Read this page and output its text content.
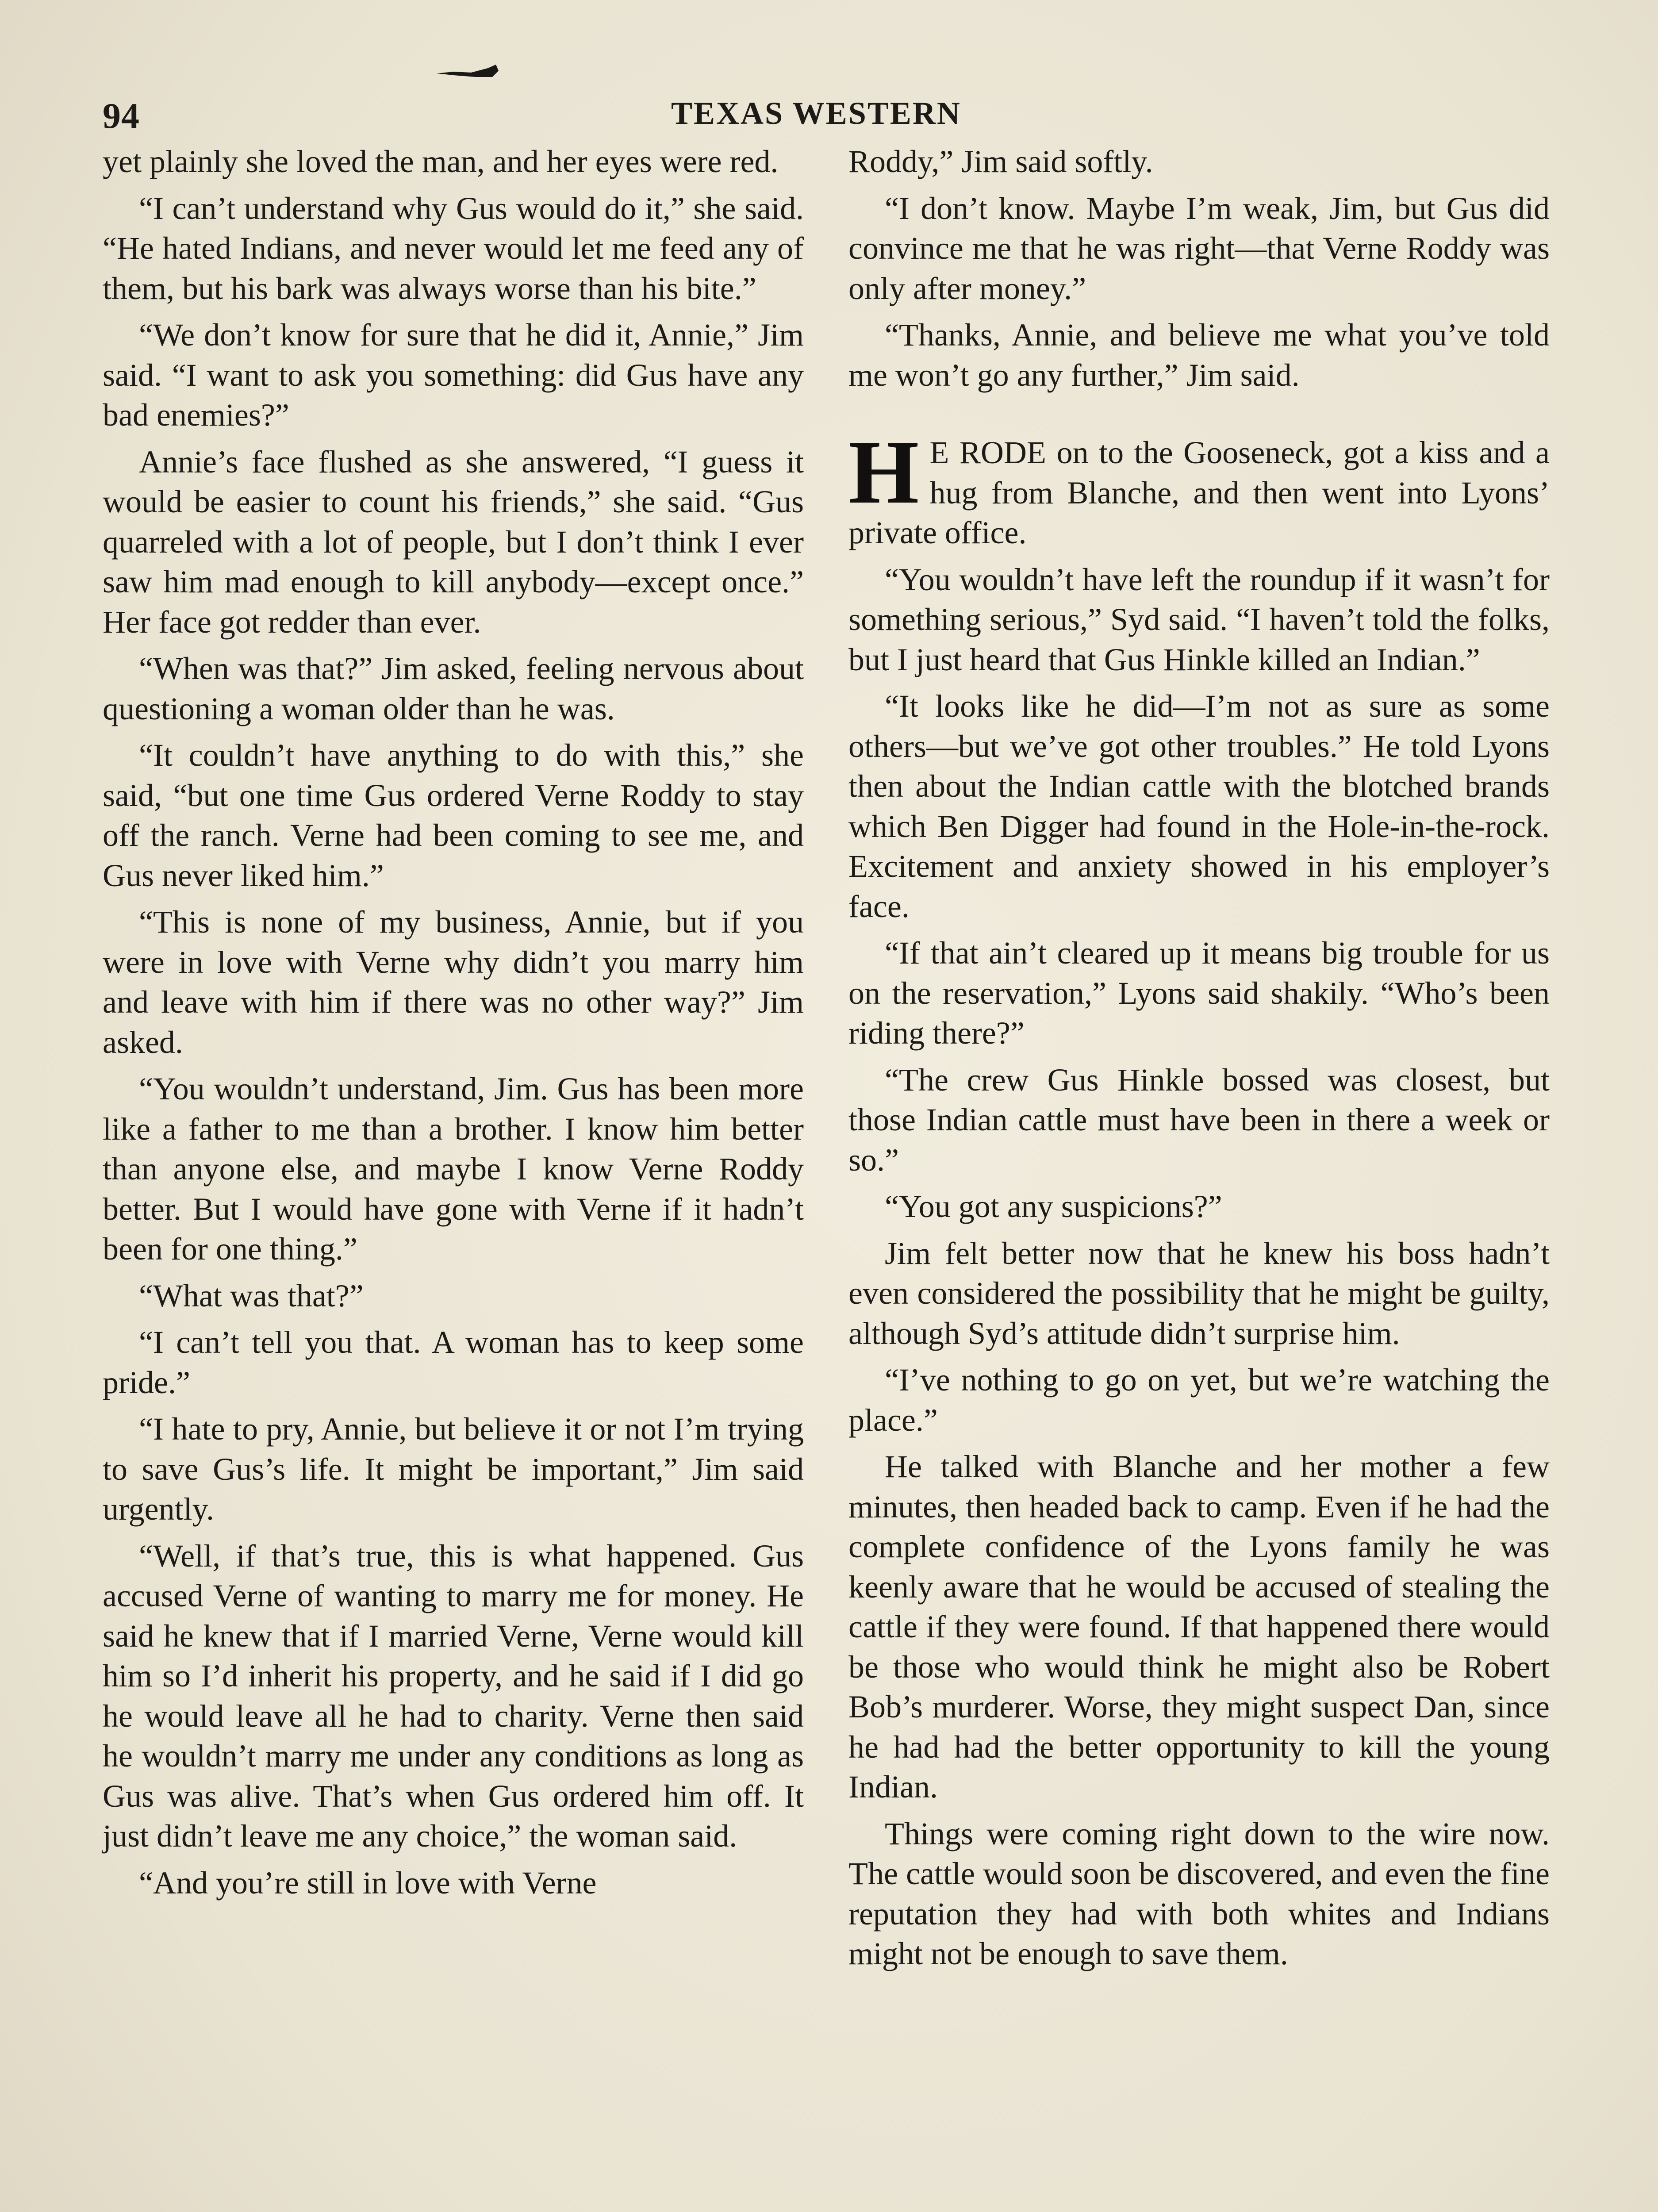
94	TEXAS WESTERN

yet plainly she loved the man, and her eyes were red.

“I can’t understand why Gus would do it,” she said. “He hated Indians, and never would let me feed any of them, but his bark was always worse than his bite.”

“We don’t know for sure that he did it, Annie,” Jim said. “I want to ask you something: did Gus have any bad enemies?”

Annie’s face flushed as she answered, “I guess it would be easier to count his friends,” she said. “Gus quarreled with a lot of people, but I don’t think I ever saw him mad enough to kill anybody—except once.” Her face got redder than ever.

“When was that?” Jim asked, feeling nervous about questioning a woman older than he was.

“It couldn’t have anything to do with this,” she said, “but one time Gus ordered Verne Roddy to stay off the ranch. Verne had been coming to see me, and Gus never liked him.”

“This is none of my business, Annie, but if you were in love with Verne why didn’t you marry him and leave with him if there was no other way?” Jim asked.

“You wouldn’t understand, Jim. Gus has been more like a father to me than a brother. I know him better than anyone else, and maybe I know Verne Roddy better. But I would have gone with Verne if it hadn’t been for one thing.”

“What was that?”

“I can’t tell you that. A woman has to keep some pride.”

“I hate to pry, Annie, but believe it or not I’m trying to save Gus’s life. It might be important,” Jim said urgently.

“Well, if that’s true, this is what happened. Gus accused Verne of wanting to marry me for money. He said he knew that if I married Verne, Verne would kill him so I’d inherit his property, and he said if I did go he would leave all he had to charity. Verne then said he wouldn’t marry me under any conditions as long as Gus was alive. That’s when Gus ordered him off. It just didn’t leave me any choice,” the woman said.

“And you’re still in love with Verne

Roddy,” Jim said softly.

“I don’t know. Maybe I’m weak, Jim, but Gus did convince me that he was right—that Verne Roddy was only after money.”

“Thanks, Annie, and believe me what you’ve told me won’t go any further,” Jim said.

H E RODE on to the Gooseneck, got a kiss and a hug from Blanche, and then went into Lyons’ private office.

“You wouldn’t have left the roundup if it wasn’t for something serious,” Syd said. “I haven’t told the folks, but I just heard that Gus Hinkle killed an Indian.”

“It looks like he did—I’m not as sure as some others—but we’ve got other troubles.” He told Lyons then about the Indian cattle with the blotched brands which Ben Digger had found in the Hole-in-the-rock. Excitement and anxiety showed in his employer’s face.

“If that ain’t cleared up it means big trouble for us on the reservation,” Lyons said shakily. “Who’s been riding there?”

“The crew Gus Hinkle bossed was closest, but those Indian cattle must have been in there a week or so.”

“You got any suspicions?”

Jim felt better now that he knew his boss hadn’t even considered the possibility that he might be guilty, although Syd’s attitude didn’t surprise him.

“I’ve nothing to go on yet, but we’re watching the place.”

He talked with Blanche and her mother a few minutes, then headed back to camp. Even if he had the complete confidence of the Lyons family he was keenly aware that he would be accused of stealing the cattle if they were found. If that happened there would be those who would think he might also be Robert Bob’s murderer. Worse, they might suspect Dan, since he had had the better opportunity to kill the young Indian.

Things were coming right down to the wire now. The cattle would soon be discovered, and even the fine reputation they had with both whites and Indians might not be enough to save them.
